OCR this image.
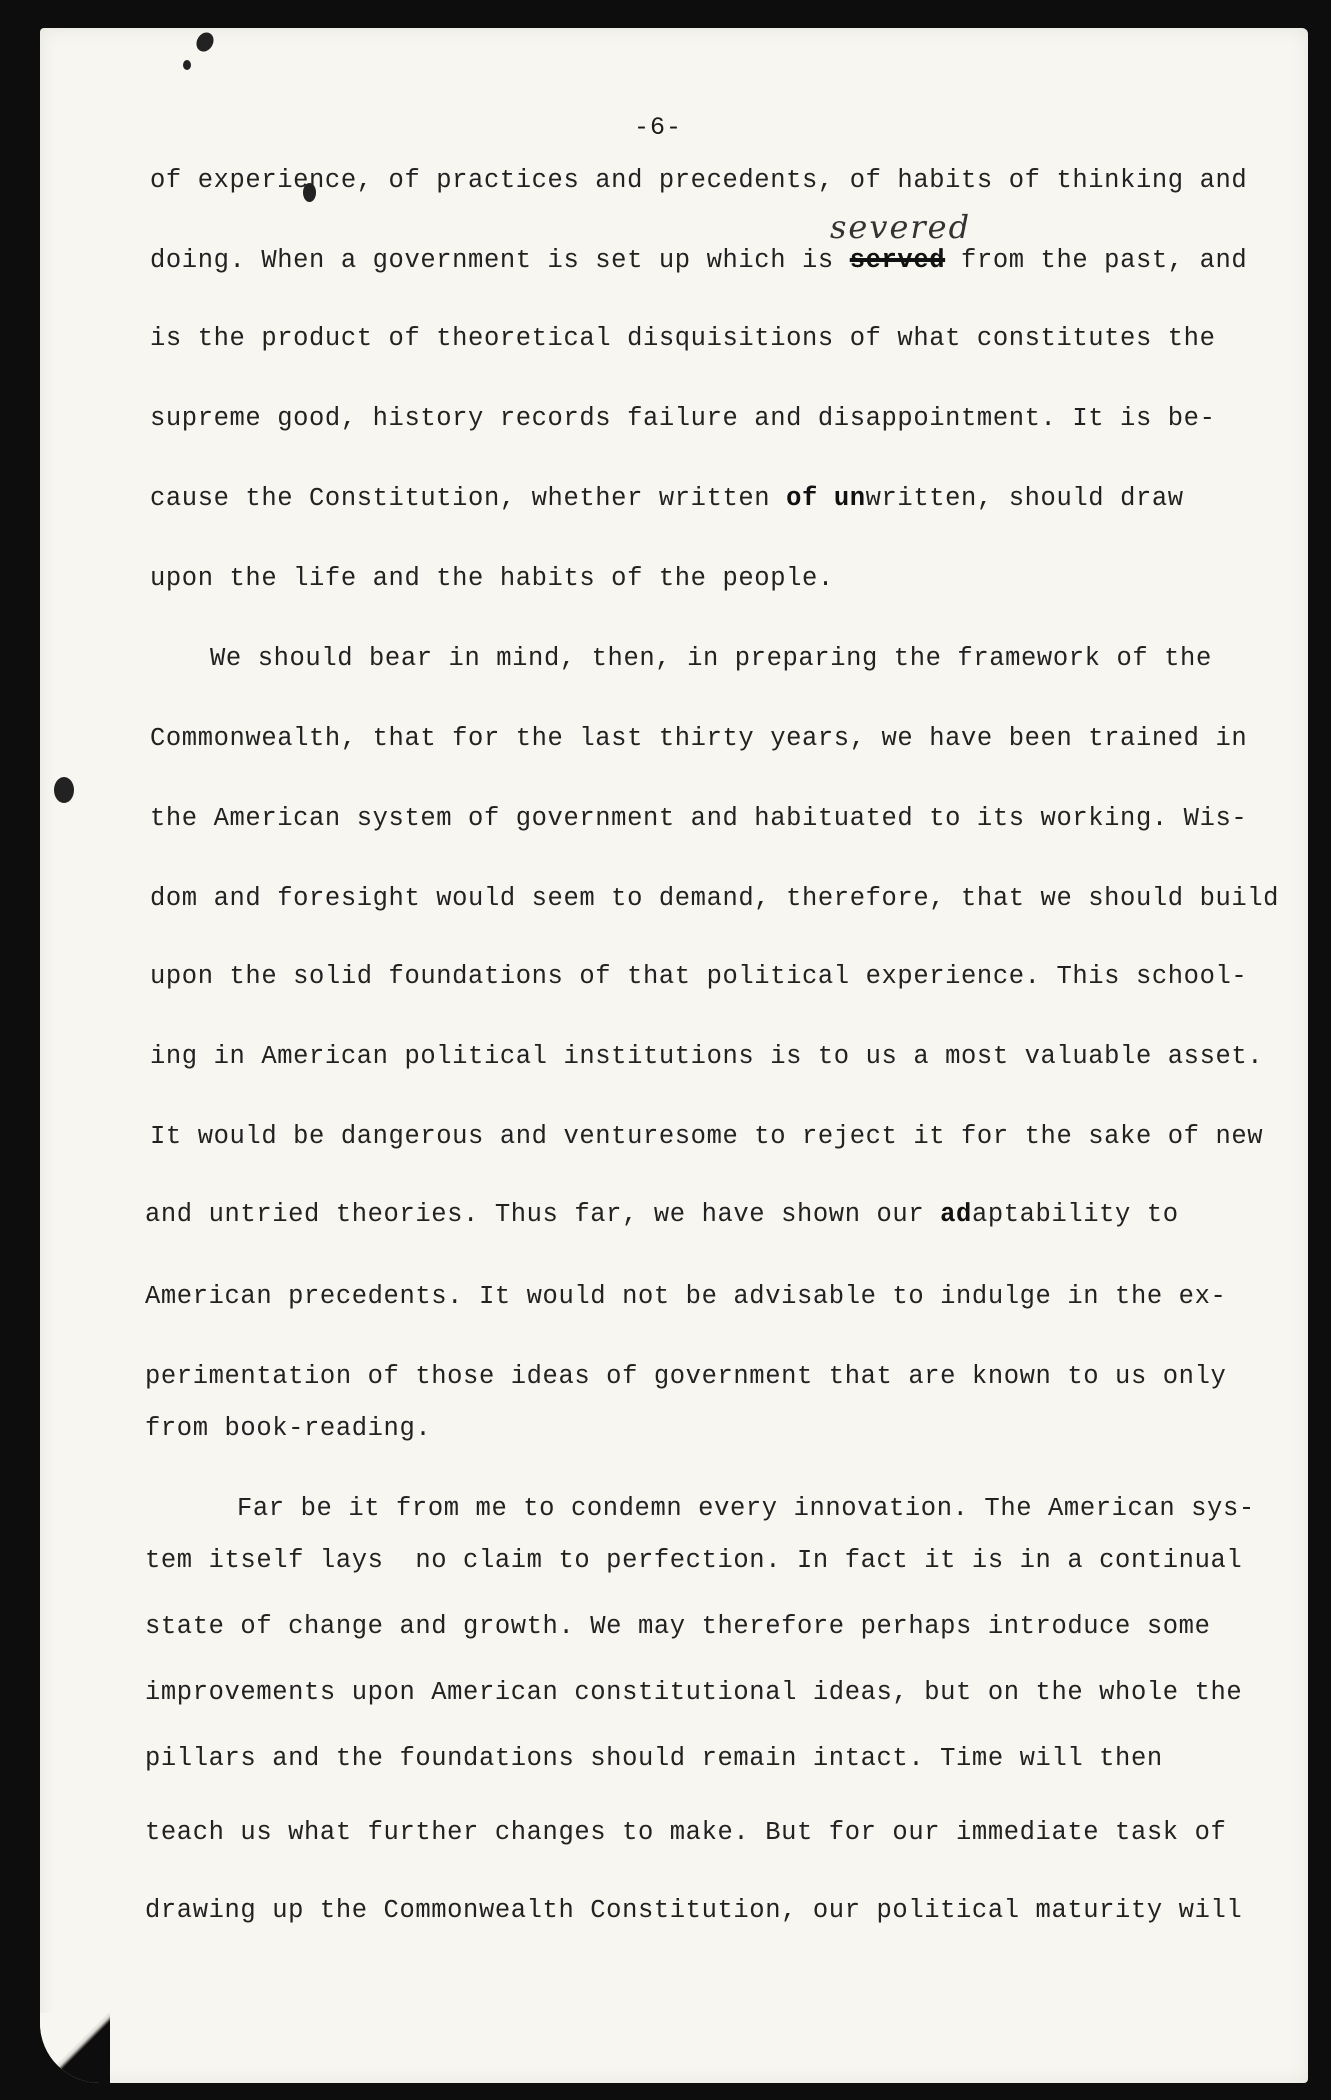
-6-
severed
of experience, of practices and precedents, of habits of thinking and
doing. When a government is set up which is served from the past, and
is the product of theoretical disquisitions of what constitutes the
supreme good, history records failure and disappointment. It is be-
cause the Constitution, whether written of unwritten, should draw
upon the life and the habits of the people.
We should bear in mind, then, in preparing the framework of the
Commonwealth, that for the last thirty years, we have been trained in
the American system of government and habituated to its working. Wis-
dom and foresight would seem to demand, therefore, that we should build
upon the solid foundations of that political experience. This school-
ing in American political institutions is to us a most valuable asset.
It would be dangerous and venturesome to reject it for the sake of new
and untried theories. Thus far, we have shown our adaptability to
American precedents. It would not be advisable to indulge in the ex-
perimentation of those ideas of government that are known to us only
from book-reading.
Far be it from me to condemn every innovation. The American sys-
tem itself lays  no claim to perfection. In fact it is in a continual
state of change and growth. We may therefore perhaps introduce some
improvements upon American constitutional ideas, but on the whole the
pillars and the foundations should remain intact. Time will then
teach us what further changes to make. But for our immediate task of
drawing up the Commonwealth Constitution, our political maturity will
